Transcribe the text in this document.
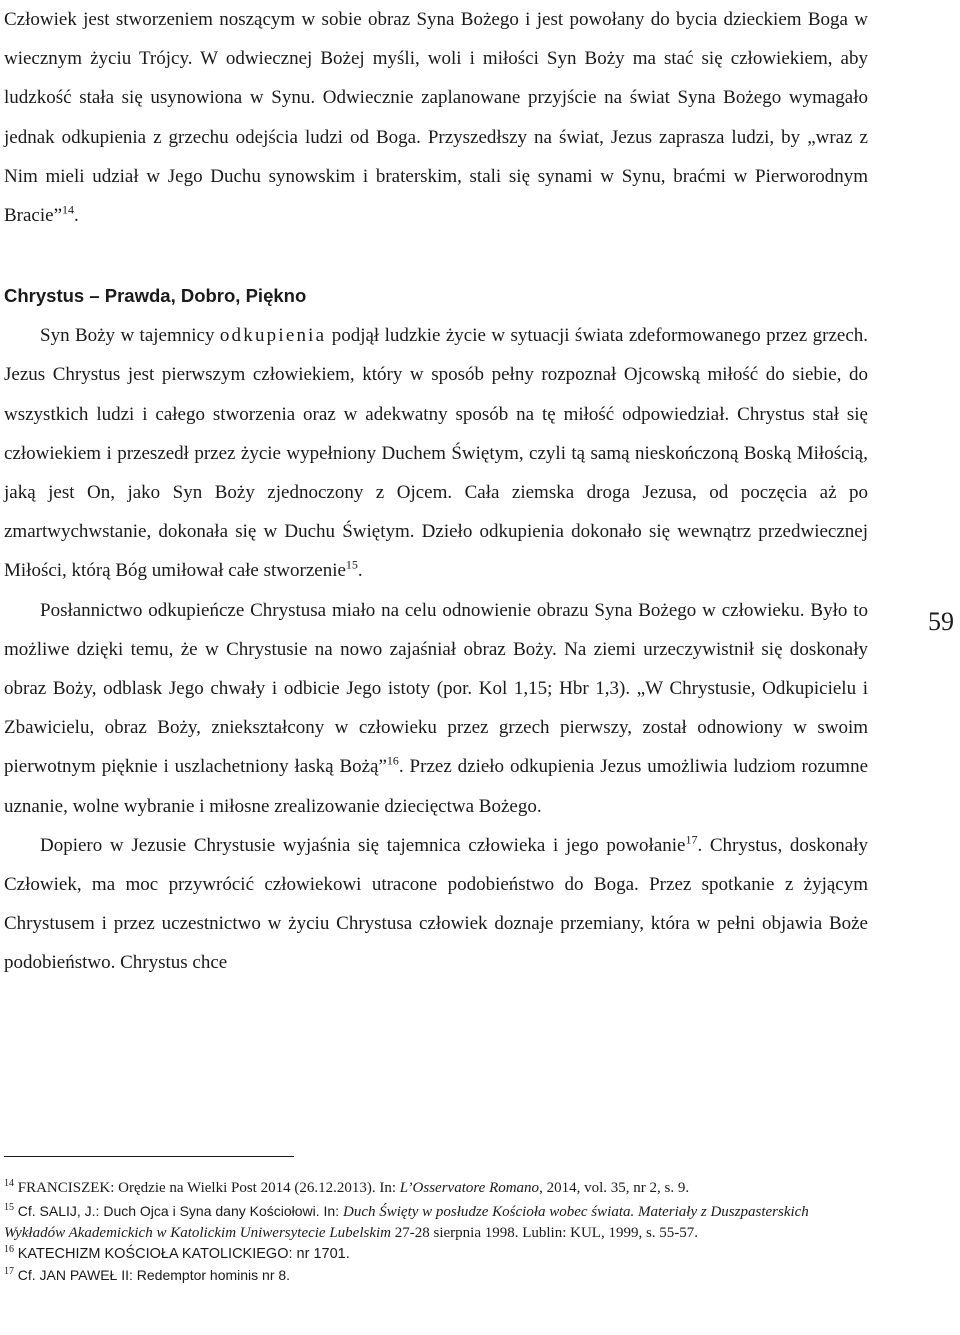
Człowiek jest stworzeniem noszącym w sobie obraz Syna Bożego i jest powołany do bycia dzieckiem Boga w wiecznym życiu Trójcy. W odwiecznej Bożej myśli, woli i miłości Syn Boży ma stać się człowiekiem, aby ludzkość stała się usynowiona w Synu. Odwiecznie zaplanowane przyjście na świat Syna Bożego wymagało jednak odkupienia z grzechu odejścia ludzi od Boga. Przyszedłszy na świat, Jezus zaprasza ludzi, by „wraz z Nim mieli udział w Jego Duchu synowskim i braterskim, stali się synami w Synu, braćmi w Pierworodnym Bracie”$^{14}$.

Chrystus – Prawda, Dobro, Piękno

Syn Boży w tajemnicy odkupienia podjął ludzkie życie w sytuacji świata zdeformowanego przez grzech. Jezus Chrystus jest pierwszym człowiekiem, który w sposób pełny rozpoznał Ojcowską miłość do siebie, do wszystkich ludzi i całego stworzenia oraz w adekwatny sposób na tę miłość odpowiedział. Chrystus stał się człowiekiem i przeszedł przez życie wypełniony Duchem Świętym, czyli tą samą nieskończoną Boską Miłością, jaką jest On, jako Syn Boży zjednoczony z Ojcem. Cała ziemska droga Jezusa, od poczęcia aż po zmartwychwstanie, dokonała się w Duchu Świętym. Dzieło odkupienia dokonało się wewnątrz przedwiecznej Miłości, którą Bóg umiłował całe stworzenie$^{15}$.

Posłannictwo odkupieńcze Chrystusa miało na celu odnowienie obrazu Syna Bożego w człowieku. Było to możliwe dzięki temu, że w Chrystusie na nowo zajaśniał obraz Boży. Na ziemi urzeczywistnił się doskonały obraz Boży, odblask Jego chwały i odbicie Jego istoty (por. Kol 1,15; Hbr 1,3). „W Chrystusie, Odkupicielu i Zbawicielu, obraz Boży, zniekształcony w człowieku przez grzech pierwszy, został odnowiony w swoim pierwotnym pięknie i uszlachetniony łaską Bożą”$^{16}$. Przez dzieło odkupienia Jezus umożliwia ludziom rozumne uznanie, wolne wybranie i miłosne zrealizowanie dziecięctwa Bożego.

Dopiero w Jezusie Chrystusie wyjaśnia się tajemnica człowieka i jego powołanie$^{17}$. Chrystus, doskonały Człowiek, ma moc przywrócić człowiekowi utracone podobieństwo do Boga. Przez spotkanie z żyjącym Chrystusem i przez uczestnictwo w życiu Chrystusa człowiek doznaje przemiany, która w pełni objawia Boże podobieństwo. Chrystus chce

59

$^{14}$ FRANCISZEK: Orędzie na Wielki Post 2014 (26.12.2013). In: L’Osservatore Romano, 2014, vol. 35, nr 2, s. 9.

$^{15}$ Cf. SALIJ, J.: Duch Ojca i Syna dany Kościołowi. In: Duch Święty w posłudze Kościoła wobec świata. Materiały z Duszpasterskich Wykładów Akademickich w Katolickim Uniwersytecie Lubelskim 27-28 sierpnia 1998. Lublin: KUL, 1999, s. 55-57.

$^{16}$ KATECHIZM KOŚCIOŁA KATOLICKIEGO: nr 1701.

$^{17}$ Cf. JAN PAWEŁ II: Redemptor hominis nr 8.
